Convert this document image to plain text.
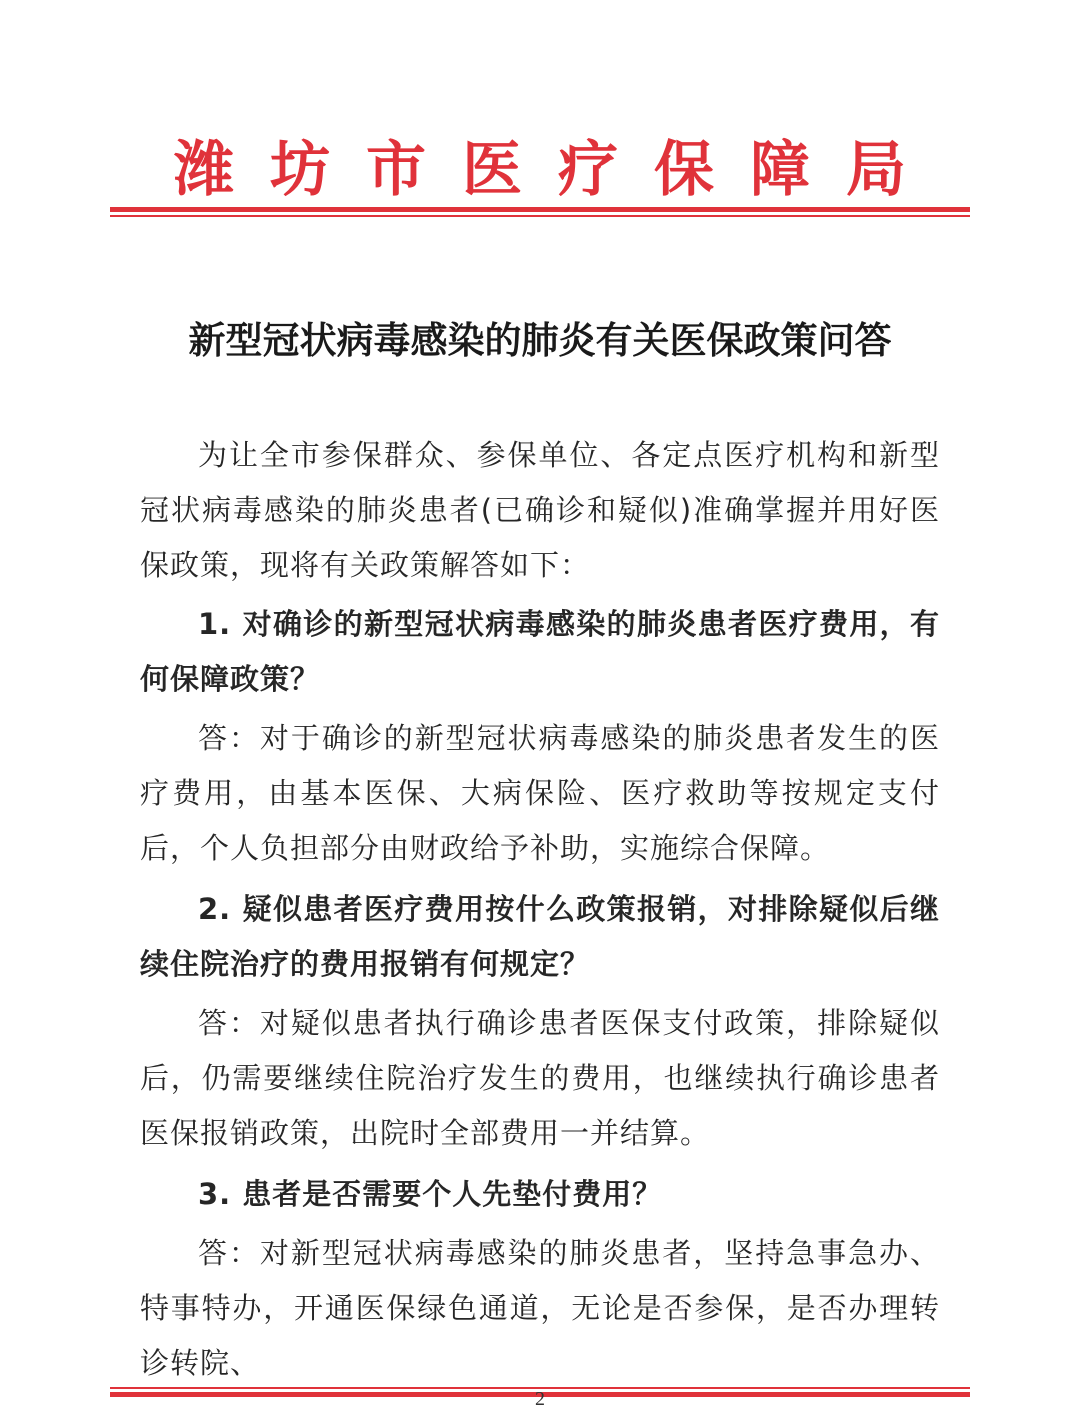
潍坊市医疗保障局
新型冠状病毒感染的肺炎有关医保政策问答

为让全市参保群众、参保单位、各定点医疗机构和新型冠状病毒感染的肺炎患者(已确诊和疑似)准确掌握并用好医保政策，现将有关政策解答如下：

1. 对确诊的新型冠状病毒感染的肺炎患者医疗费用，有何保障政策？

答：对于确诊的新型冠状病毒感染的肺炎患者发生的医疗费用，由基本医保、大病保险、医疗救助等按规定支付后，个人负担部分由财政给予补助，实施综合保障。

2. 疑似患者医疗费用按什么政策报销，对排除疑似后继续住院治疗的费用报销有何规定？

答：对疑似患者执行确诊患者医保支付政策，排除疑似后，仍需要继续住院治疗发生的费用，也继续执行确诊患者医保报销政策，出院时全部费用一并结算。

3. 患者是否需要个人先垫付费用？

答：对新型冠状病毒感染的肺炎患者，坚持急事急办、特事特办，开通医保绿色通道，无论是否参保，是否办理转诊转院、

2
